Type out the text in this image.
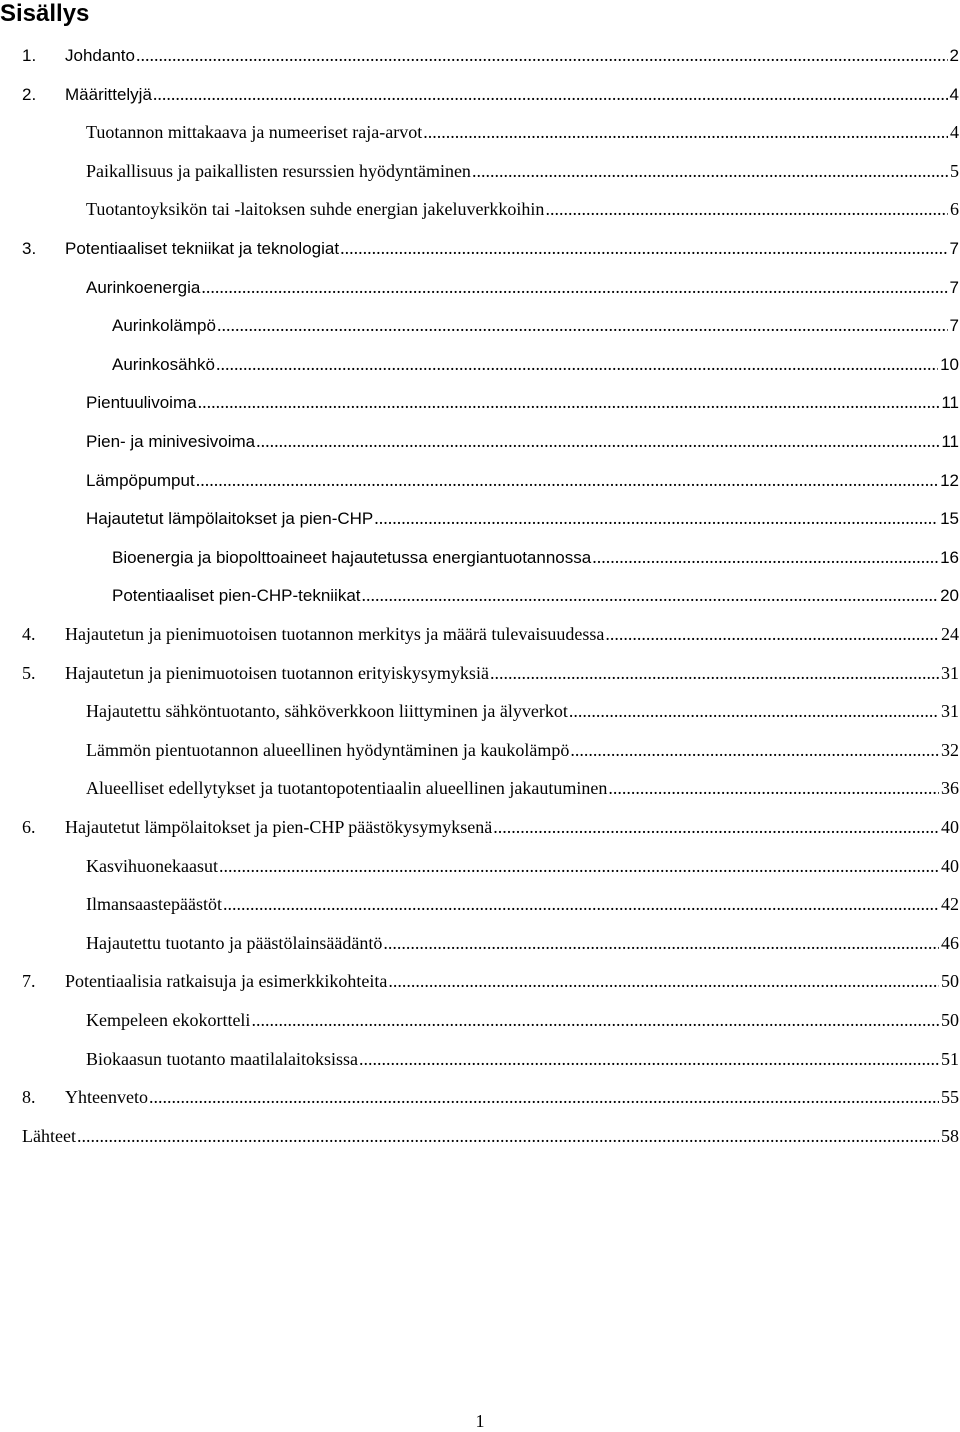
Sisällys
1.	Johdanto .....	2
2.	Määrittelyjä .....	4
Tuotannon mittakaava ja numeeriset raja-arvot .....	4
Paikallisuus ja paikallisten resurssien hyödyntäminen .....	5
Tuotantoyksikön tai -laitoksen suhde energian jakeluverkkoihin .....	6
3.	Potentiaaliset tekniikat ja teknologiat .....	7
Aurinkoenergia .....	7
Aurinkolämpö .....	7
Aurinkosähkö .....	10
Pientuulivoima .....	11
Pien- ja minivesivoima .....	11
Lämpöpumput .....	12
Hajautetut lämpölaitokset ja pien-CHP .....	15
Bioenergia ja biopolttoaineet hajautetussa energiantuotannossa .....	16
Potentiaaliset pien-CHP-tekniikat .....	20
4.	Hajautetun ja pienimuotoisen tuotannon merkitys ja määrä tulevaisuudessa .....	24
5.	Hajautetun ja pienimuotoisen tuotannon erityiskysymyksiä .....	31
Hajautettu sähköntuotanto, sähköverkkoon liittyminen ja älyverkot .....	31
Lämmön pientuotannon alueellinen hyödyntäminen ja kaukolämpö .....	32
Alueelliset edellytykset ja tuotantopotentiaalin alueellinen jakautuminen .....	36
6.	Hajautetut lämpölaitokset ja pien-CHP päästökysymyksenä .....	40
Kasvihuonekaasut .....	40
Ilmansaastepäästöt .....	42
Hajautettu tuotanto ja päästölainsäädäntö .....	46
7.	Potentiaalisia ratkaisuja ja esimerkkikohteita .....	50
Kempeleen ekokortteli .....	50
Biokaasun tuotanto maatilalaitoksissa .....	51
8.	Yhteenveto .....	55
Lähteet .....	58
1
